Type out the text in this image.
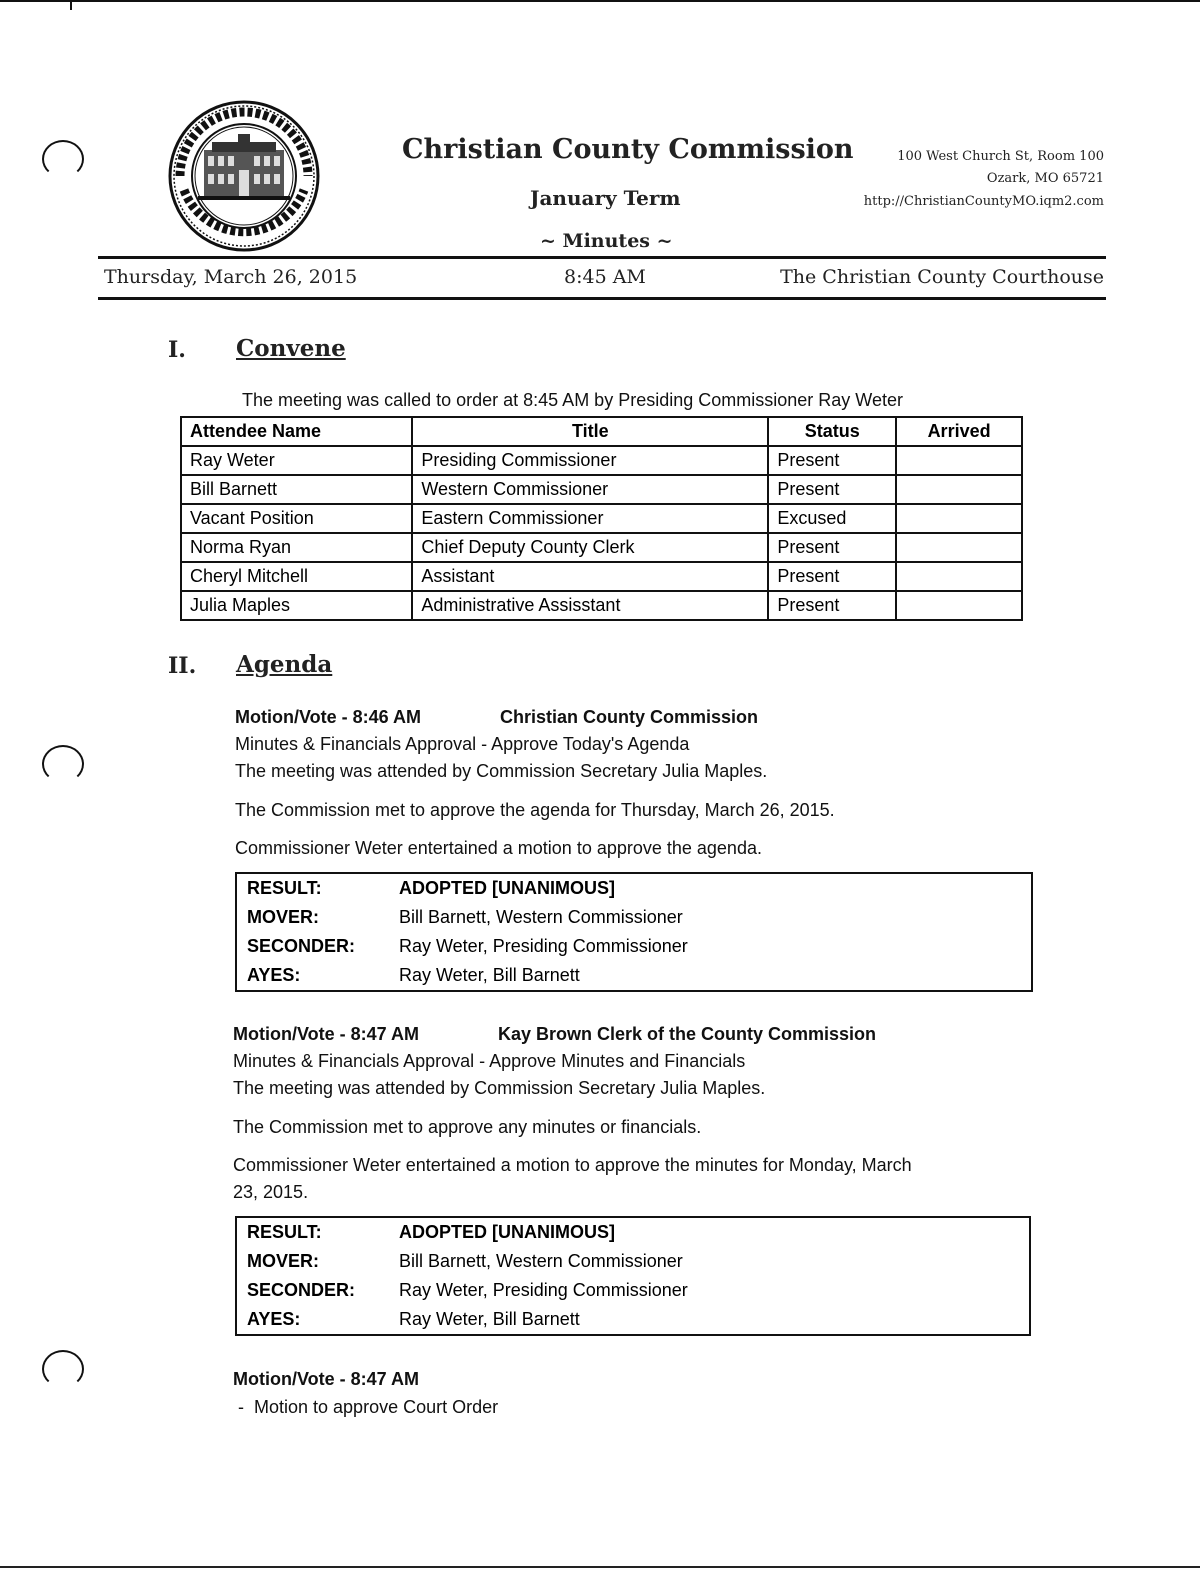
Christian County Commission
January Term
~ Minutes ~
100 West Church St, Room 100
Ozark, MO 65721
http://ChristianCountyMO.iqm2.com
Thursday, March 26, 2015	8:45 AM	The Christian County Courthouse
I. Convene
The meeting was called to order at 8:45 AM by Presiding Commissioner Ray Weter
Attendee Name	Title	Status	Arrived
Ray Weter	Presiding Commissioner	Present	
Bill Barnett	Western Commissioner	Present	
Vacant Position	Eastern Commissioner	Excused	
Norma Ryan	Chief Deputy County Clerk	Present	
Cheryl Mitchell	Assistant	Present	
Julia Maples	Administrative Assisstant	Present	
II. Agenda
Motion/Vote - 8:46 AM	Christian County Commission
Minutes & Financials Approval - Approve Today's Agenda
The meeting was attended by Commission Secretary Julia Maples.
The Commission met to approve the agenda for Thursday, March 26, 2015.
Commissioner Weter entertained a motion to approve the agenda.
RESULT:	ADOPTED [UNANIMOUS]
MOVER:	Bill Barnett, Western Commissioner
SECONDER: Ray Weter, Presiding Commissioner
AYES:	Ray Weter, Bill Barnett
Motion/Vote - 8:47 AM	Kay Brown Clerk of the County Commission
Minutes & Financials Approval - Approve Minutes and Financials
The meeting was attended by Commission Secretary Julia Maples.
The Commission met to approve any minutes or financials.
Commissioner Weter entertained a motion to approve the minutes for Monday, March
23, 2015.
RESULT:	ADOPTED [UNANIMOUS]
MOVER:	Bill Barnett, Western Commissioner
SECONDER: Ray Weter, Presiding Commissioner
AYES:	Ray Weter, Bill Barnett
Motion/Vote - 8:47 AM
-  Motion to approve Court Order
